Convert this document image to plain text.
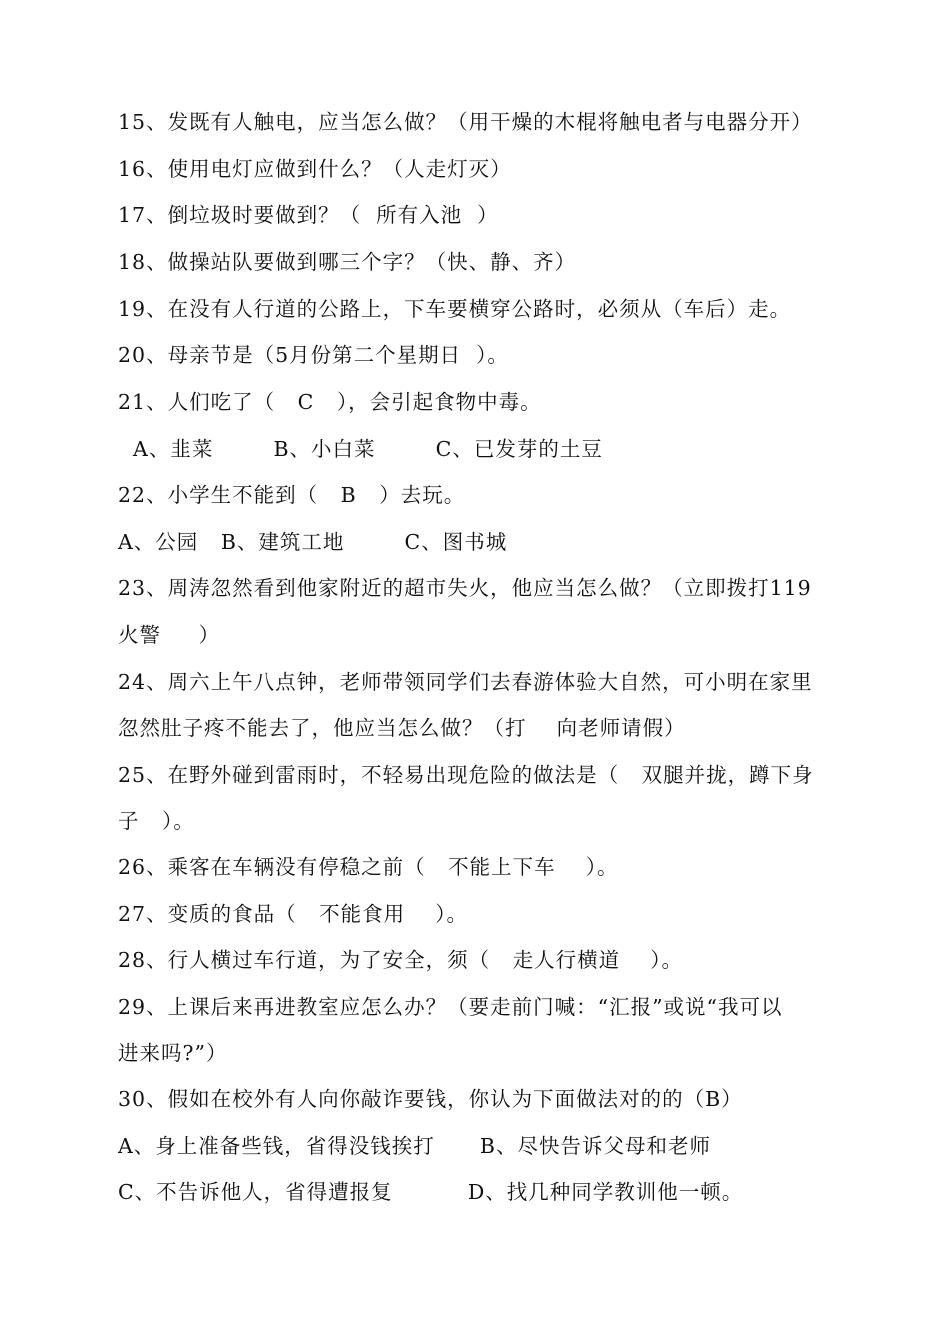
15、发既有人触电，应当怎么做？（用干燥的木棍将触电者与电器分开）
16、使用电灯应做到什么？（人走灯灭）
17、倒垃圾时要做到？（  所有入池  ）
18、做操站队要做到哪三个字？（快、静、齐）
19、在没有人行道的公路上，下车要横穿公路时，必须从（车后）走。
20、母亲节是（5月份第二个星期日  ）。
21、人们吃了（   C   ），会引起食物中毒。
A、韭菜        B、小白菜        C、已发芽的土豆
22、小学生不能到（   B   ）去玩。
A、公园   B、建筑工地        C、图书城
23、周涛忽然看到他家附近的超市失火，他应当怎么做？（立即拨打119
火警     ）
24、周六上午八点钟，老师带领同学们去春游体验大自然，可小明在家里
忽然肚子疼不能去了，他应当怎么做？（打    向老师请假）
25、在野外碰到雷雨时，不轻易出现危险的做法是（   双腿并拢，蹲下身
子   ）。
26、乘客在车辆没有停稳之前（   不能上下车    ）。
27、变质的食品（   不能食用    ）。
28、行人横过车行道，为了安全，须（   走人行横道    ）。
29、上课后来再进教室应怎么办？（要走前门喊：“汇报”或说“我可以
进来吗?”）
30、假如在校外有人向你敲诈要钱，你认为下面做法对的的（B）
A、身上准备些钱，省得没钱挨打      B、尽快告诉父母和老师
C、不告诉他人，省得遭报复          D、找几种同学教训他一顿。
